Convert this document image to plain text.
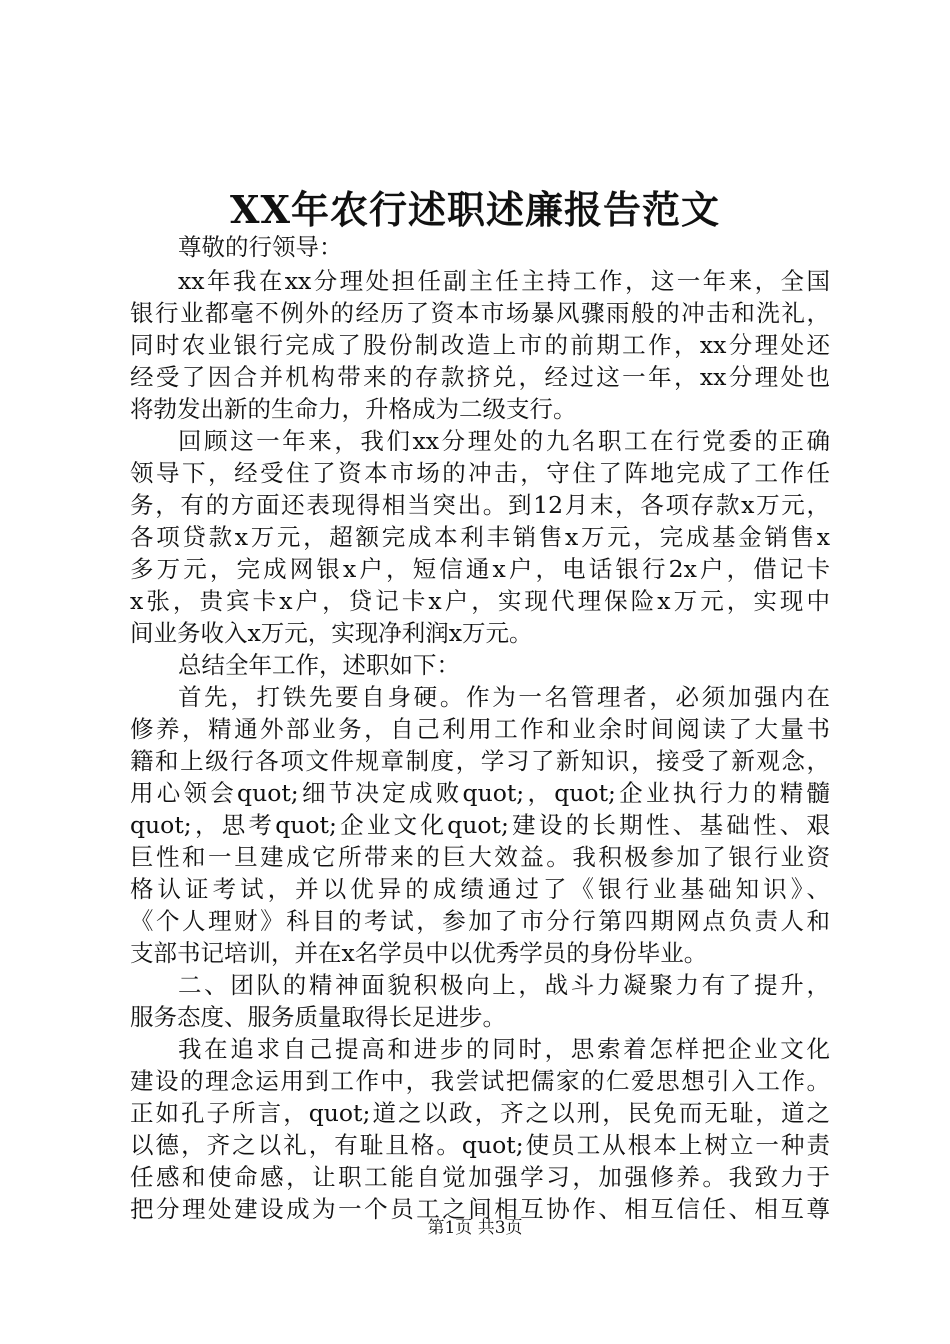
XX年农行述职述廉报告范文
尊敬的行领导：
xx年我在xx分理处担任副主任主持工作，这一年来，全国
银行业都毫不例外的经历了资本市场暴风骤雨般的冲击和洗礼，
同时农业银行完成了股份制改造上市的前期工作，xx分理处还
经受了因合并机构带来的存款挤兑，经过这一年，xx分理处也
将勃发出新的生命力，升格成为二级支行。
回顾这一年来，我们xx分理处的九名职工在行党委的正确
领导下，经受住了资本市场的冲击，守住了阵地完成了工作任
务，有的方面还表现得相当突出。到12月末，各项存款x万元，
各项贷款x万元，超额完成本利丰销售x万元，完成基金销售x
多万元，完成网银x户，短信通x户，电话银行2x户，借记卡
x张，贵宾卡x户，贷记卡x户，实现代理保险x万元，实现中
间业务收入x万元，实现净利润x万元。
总结全年工作，述职如下：
首先，打铁先要自身硬。作为一名管理者，必须加强内在
修养，精通外部业务，自己利用工作和业余时间阅读了大量书
籍和上级行各项文件规章制度，学习了新知识，接受了新观念，
用心领会quot;细节决定成败quot;，quot;企业执行力的精髓
quot;，思考quot;企业文化quot;建设的长期性、基础性、艰
巨性和一旦建成它所带来的巨大效益。我积极参加了银行业资
格认证考试，并以优异的成绩通过了《银行业基础知识》、
《个人理财》科目的考试，参加了市分行第四期网点负责人和
支部书记培训，并在x名学员中以优秀学员的身份毕业。
二、团队的精神面貌积极向上，战斗力凝聚力有了提升，
服务态度、服务质量取得长足进步。
我在追求自己提高和进步的同时，思索着怎样把企业文化
建设的理念运用到工作中，我尝试把儒家的仁爱思想引入工作。
正如孔子所言，quot;道之以政，齐之以刑，民免而无耻，道之
以德，齐之以礼，有耻且格。quot;使员工从根本上树立一种责
任感和使命感，让职工能自觉加强学习，加强修养。我致力于
把分理处建设成为一个员工之间相互协作、相互信任、相互尊
第1页 共3页
